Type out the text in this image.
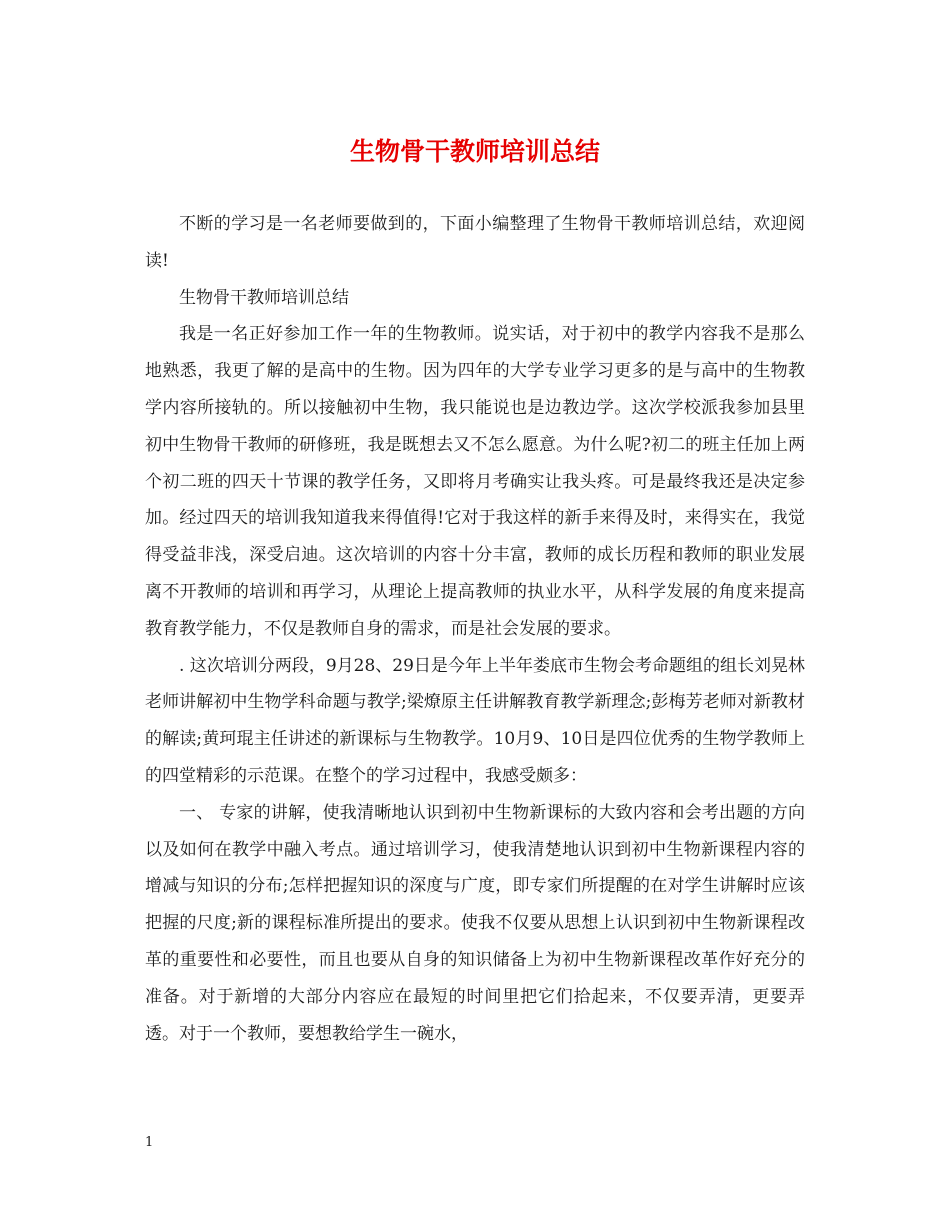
生物骨干教师培训总结

不断的学习是一名老师要做到的，下面小编整理了生物骨干教师培训总结，欢迎阅读!

生物骨干教师培训总结

我是一名正好参加工作一年的生物教师。说实话，对于初中的教学内容我不是那么地熟悉，我更了解的是高中的生物。因为四年的大学专业学习更多的是与高中的生物教学内容所接轨的。所以接触初中生物，我只能说也是边教边学。这次学校派我参加县里初中生物骨干教师的研修班，我是既想去又不怎么愿意。为什么呢?初二的班主任加上两个初二班的四天十节课的教学任务，又即将月考确实让我头疼。可是最终我还是决定参加。经过四天的培训我知道我来得值得!它对于我这样的新手来得及时，来得实在，我觉得受益非浅，深受启迪。这次培训的内容十分丰富，教师的成长历程和教师的职业发展离不开教师的培训和再学习，从理论上提高教师的执业水平，从科学发展的角度来提高教育教学能力，不仅是教师自身的需求，而是社会发展的要求。

. 这次培训分两段，9月28、29日是今年上半年娄底市生物会考命题组的组长刘晃林老师讲解初中生物学科命题与教学;梁燎原主任讲解教育教学新理念;彭梅芳老师对新教材的解读;黄珂琨主任讲述的新课标与生物教学。10月9、10日是四位优秀的生物学教师上的四堂精彩的示范课。在整个的学习过程中，我感受颇多：

一、 专家的讲解，使我清晰地认识到初中生物新课标的大致内容和会考出题的方向以及如何在教学中融入考点。通过培训学习，使我清楚地认识到初中生物新课程内容的增减与知识的分布;怎样把握知识的深度与广度，即专家们所提醒的在对学生讲解时应该把握的尺度;新的课程标准所提出的要求。使我不仅要从思想上认识到初中生物新课程改革的重要性和必要性，而且也要从自身的知识储备上为初中生物新课程改革作好充分的准备。对于新增的大部分内容应在最短的时间里把它们拾起来，不仅要弄清，更要弄透。对于一个教师，要想教给学生一碗水，

1
